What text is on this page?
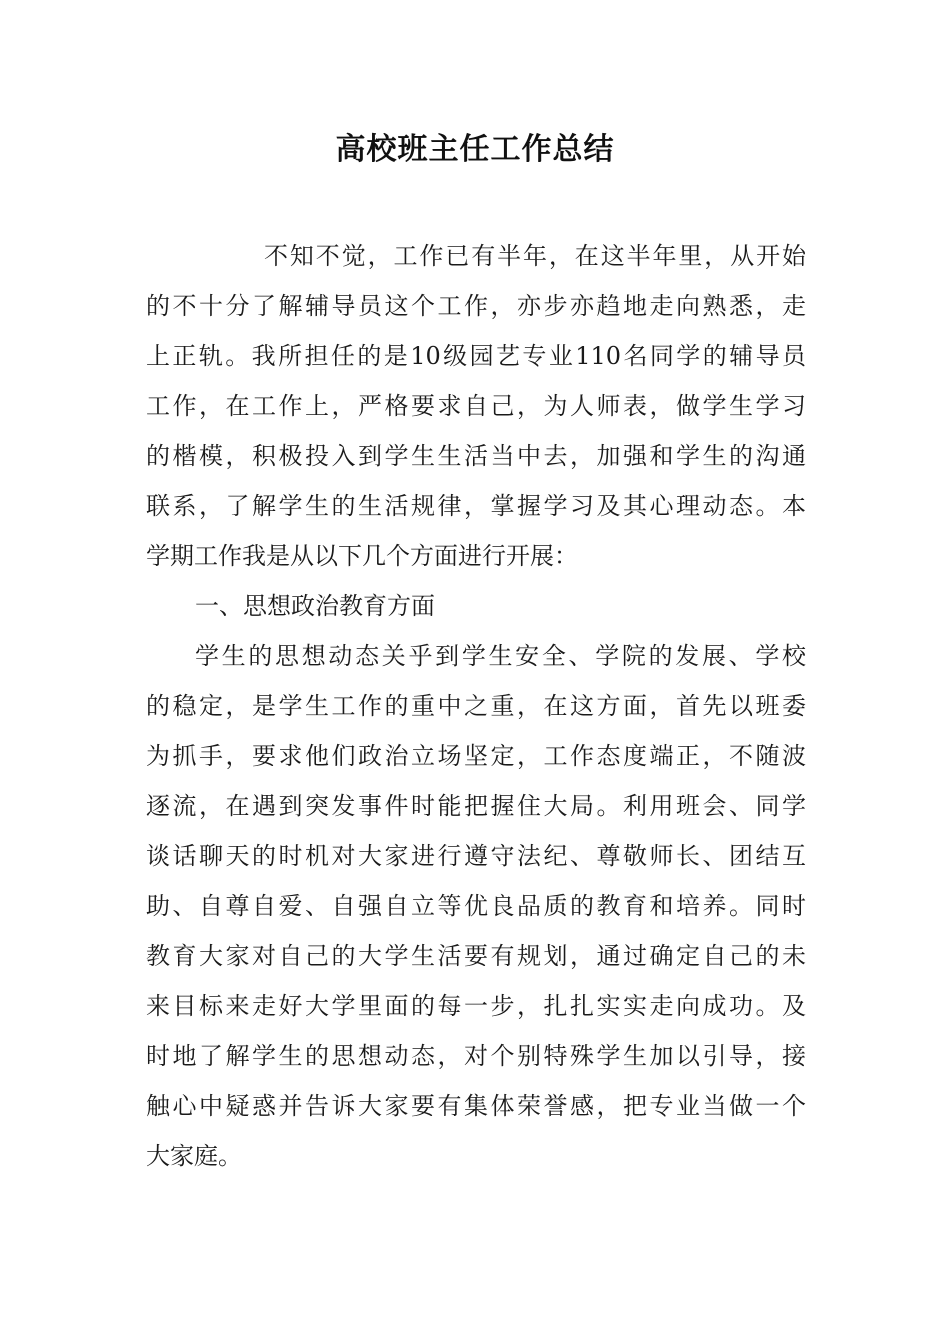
高校班主任工作总结
不知不觉，工作已有半年，在这半年里，从开始
的不十分了解辅导员这个工作，亦步亦趋地走向熟悉，走
上正轨。我所担任的是10级园艺专业110名同学的辅导员
工作，在工作上，严格要求自己，为人师表，做学生学习
的楷模，积极投入到学生生活当中去，加强和学生的沟通
联系，了解学生的生活规律，掌握学习及其心理动态。本
学期工作我是从以下几个方面进行开展：
一、思想政治教育方面
学生的思想动态关乎到学生安全、学院的发展、学校
的稳定，是学生工作的重中之重，在这方面，首先以班委
为抓手，要求他们政治立场坚定，工作态度端正，不随波
逐流，在遇到突发事件时能把握住大局。利用班会、同学
谈话聊天的时机对大家进行遵守法纪、尊敬师长、团结互
助、自尊自爱、自强自立等优良品质的教育和培养。同时
教育大家对自己的大学生活要有规划，通过确定自己的未
来目标来走好大学里面的每一步，扎扎实实走向成功。及
时地了解学生的思想动态，对个别特殊学生加以引导，接
触心中疑惑并告诉大家要有集体荣誉感，把专业当做一个
大家庭。
